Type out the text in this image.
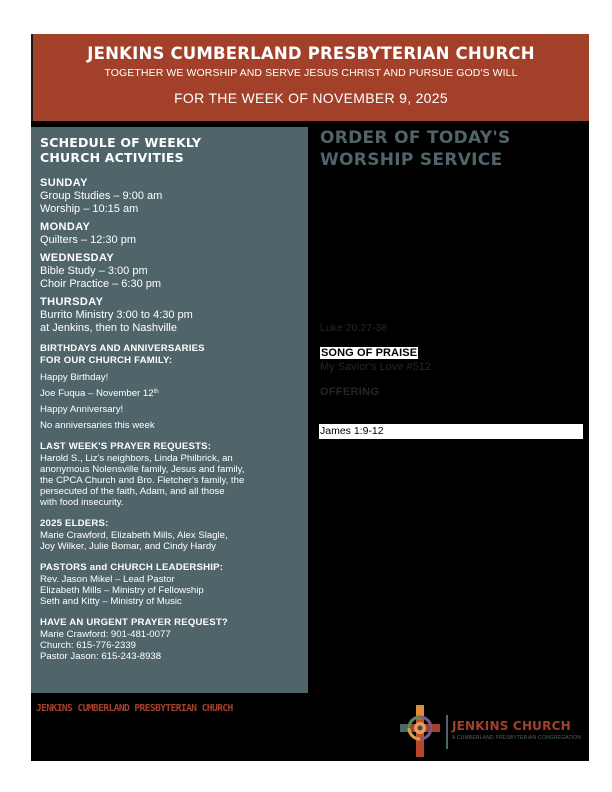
JENKINS CUMBERLAND PRESBYTERIAN CHURCH
TOGETHER WE WORSHIP AND SERVE JESUS CHRIST AND PURSUE GOD'S WILL
FOR THE WEEK OF NOVEMBER 9, 2025
SCHEDULE OF WEEKLY
CHURCH ACTIVITIES
SUNDAY
Group Studies – 9:00 am
Worship – 10:15 am
MONDAY
Quilters – 12:30 pm
WEDNESDAY
Bible Study – 3:00 pm
Choir Practice – 6:30 pm
THURSDAY
Burrito Ministry 3:00 to 4:30 pm
at Jenkins, then to Nashville
BIRTHDAYS AND ANNIVERSARIES
FOR OUR CHURCH FAMILY:
Happy Birthday!
Joe Fuqua – November 12th
Happy Anniversary!
No anniversaries this week
LAST WEEK'S PRAYER REQUESTS:
Harold S., Liz's neighbors, Linda Philbrick, an
anonymous Nolensville family, Jesus and family,
the CPCA Church and Bro. Fletcher's family, the
persecuted of the faith, Adam, and all those
with food insecurity.
2025 ELDERS:
Marie Crawford, Elizabeth Mills, Alex Slagle,
Joy Wilker, Julie Bomar, and Cindy Hardy
PASTORS and CHURCH LEADERSHIP:
Rev. Jason Mikel – Lead Pastor
Elizabeth Mills – Ministry of Fellowship
Seth and Kitty – Ministry of Music
HAVE AN URGENT PRAYER REQUEST?
Marie Crawford: 901-481-0077
Church: 615-776-2339
Pastor Jason: 615-243-8938
ORDER OF TODAY'S
WORSHIP SERVICE
Luke 20:27-38
SONG OF PRAISE
My Savior's Love #512
OFFERING
James 1:9-12
JENKINS CUMBERLAND PRESBYTERIAN CHURCH
JENKINS CHURCH
A CUMBERLAND PRESBYTERIAN CONGREGATION
